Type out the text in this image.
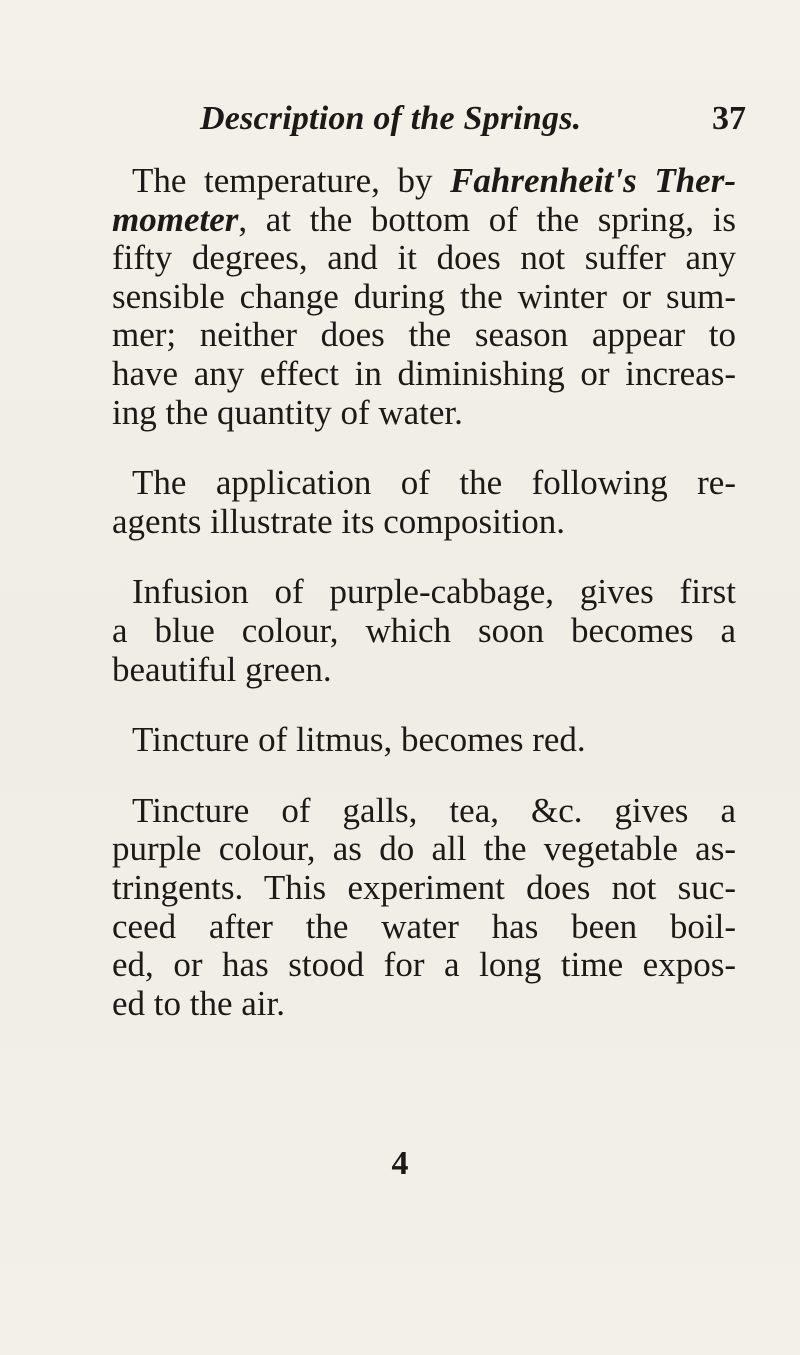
Description of the Springs.	37

The temperature, by Fahrenheit's Ther-
mometer, at the bottom of the spring, is
fifty degrees, and it does not suffer any
sensible change during the winter or sum-
mer; neither does the season appear to
have any effect in diminishing or increas-
ing the quantity of water.

The application of the following re-
agents illustrate its composition.

Infusion of purple-cabbage, gives first
a blue colour, which soon becomes a
beautiful green.

Tincture of litmus, becomes red.

Tincture of galls, tea, &c. gives a
purple colour, as do all the vegetable as-
tringents. This experiment does not suc-
ceed after the water has been boil-
ed, or has stood for a long time expos-
ed to the air.

4
